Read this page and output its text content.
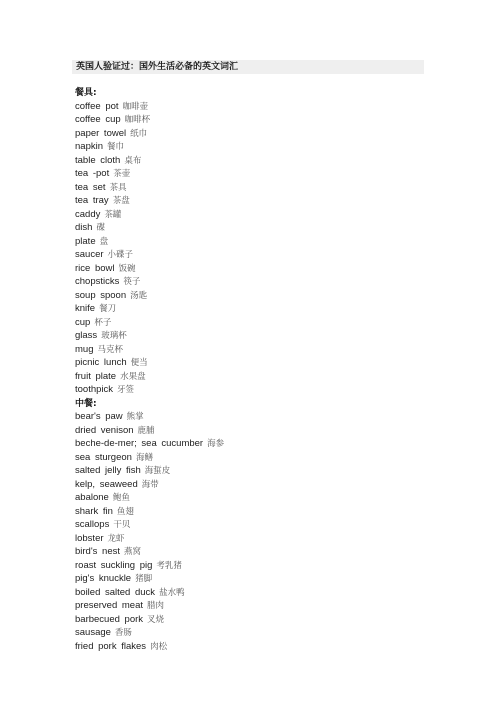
英国人验证过：国外生活必备的英文词汇
餐具:
coffee pot 咖啡壶
coffee cup 咖啡杯
paper towel 纸巾
napkin 餐巾
table cloth 桌布
tea -pot 茶壶
tea set 茶具
tea tray 茶盘
caddy 茶罐
dish 碟
plate 盘
saucer 小碟子
rice bowl 饭碗
chopsticks 筷子
soup spoon 汤匙
knife 餐刀
cup 杯子
glass 玻璃杯
mug 马克杯
picnic lunch 便当
fruit plate 水果盘
toothpick 牙签
中餐:
bear's paw 熊掌
dried venison 鹿脯
beche-de-mer; sea cucumber 海参
sea sturgeon 海鳝
salted jelly fish 海蜇皮
kelp, seaweed 海带
abalone 鲍鱼
shark fin 鱼翅
scallops 干贝
lobster 龙虾
bird's nest 燕窝
roast suckling pig 考乳猪
pig's knuckle 猪脚
boiled salted duck 盐水鸭
preserved meat 腊肉
barbecued pork 叉烧
sausage 香肠
fried pork flakes 肉松
